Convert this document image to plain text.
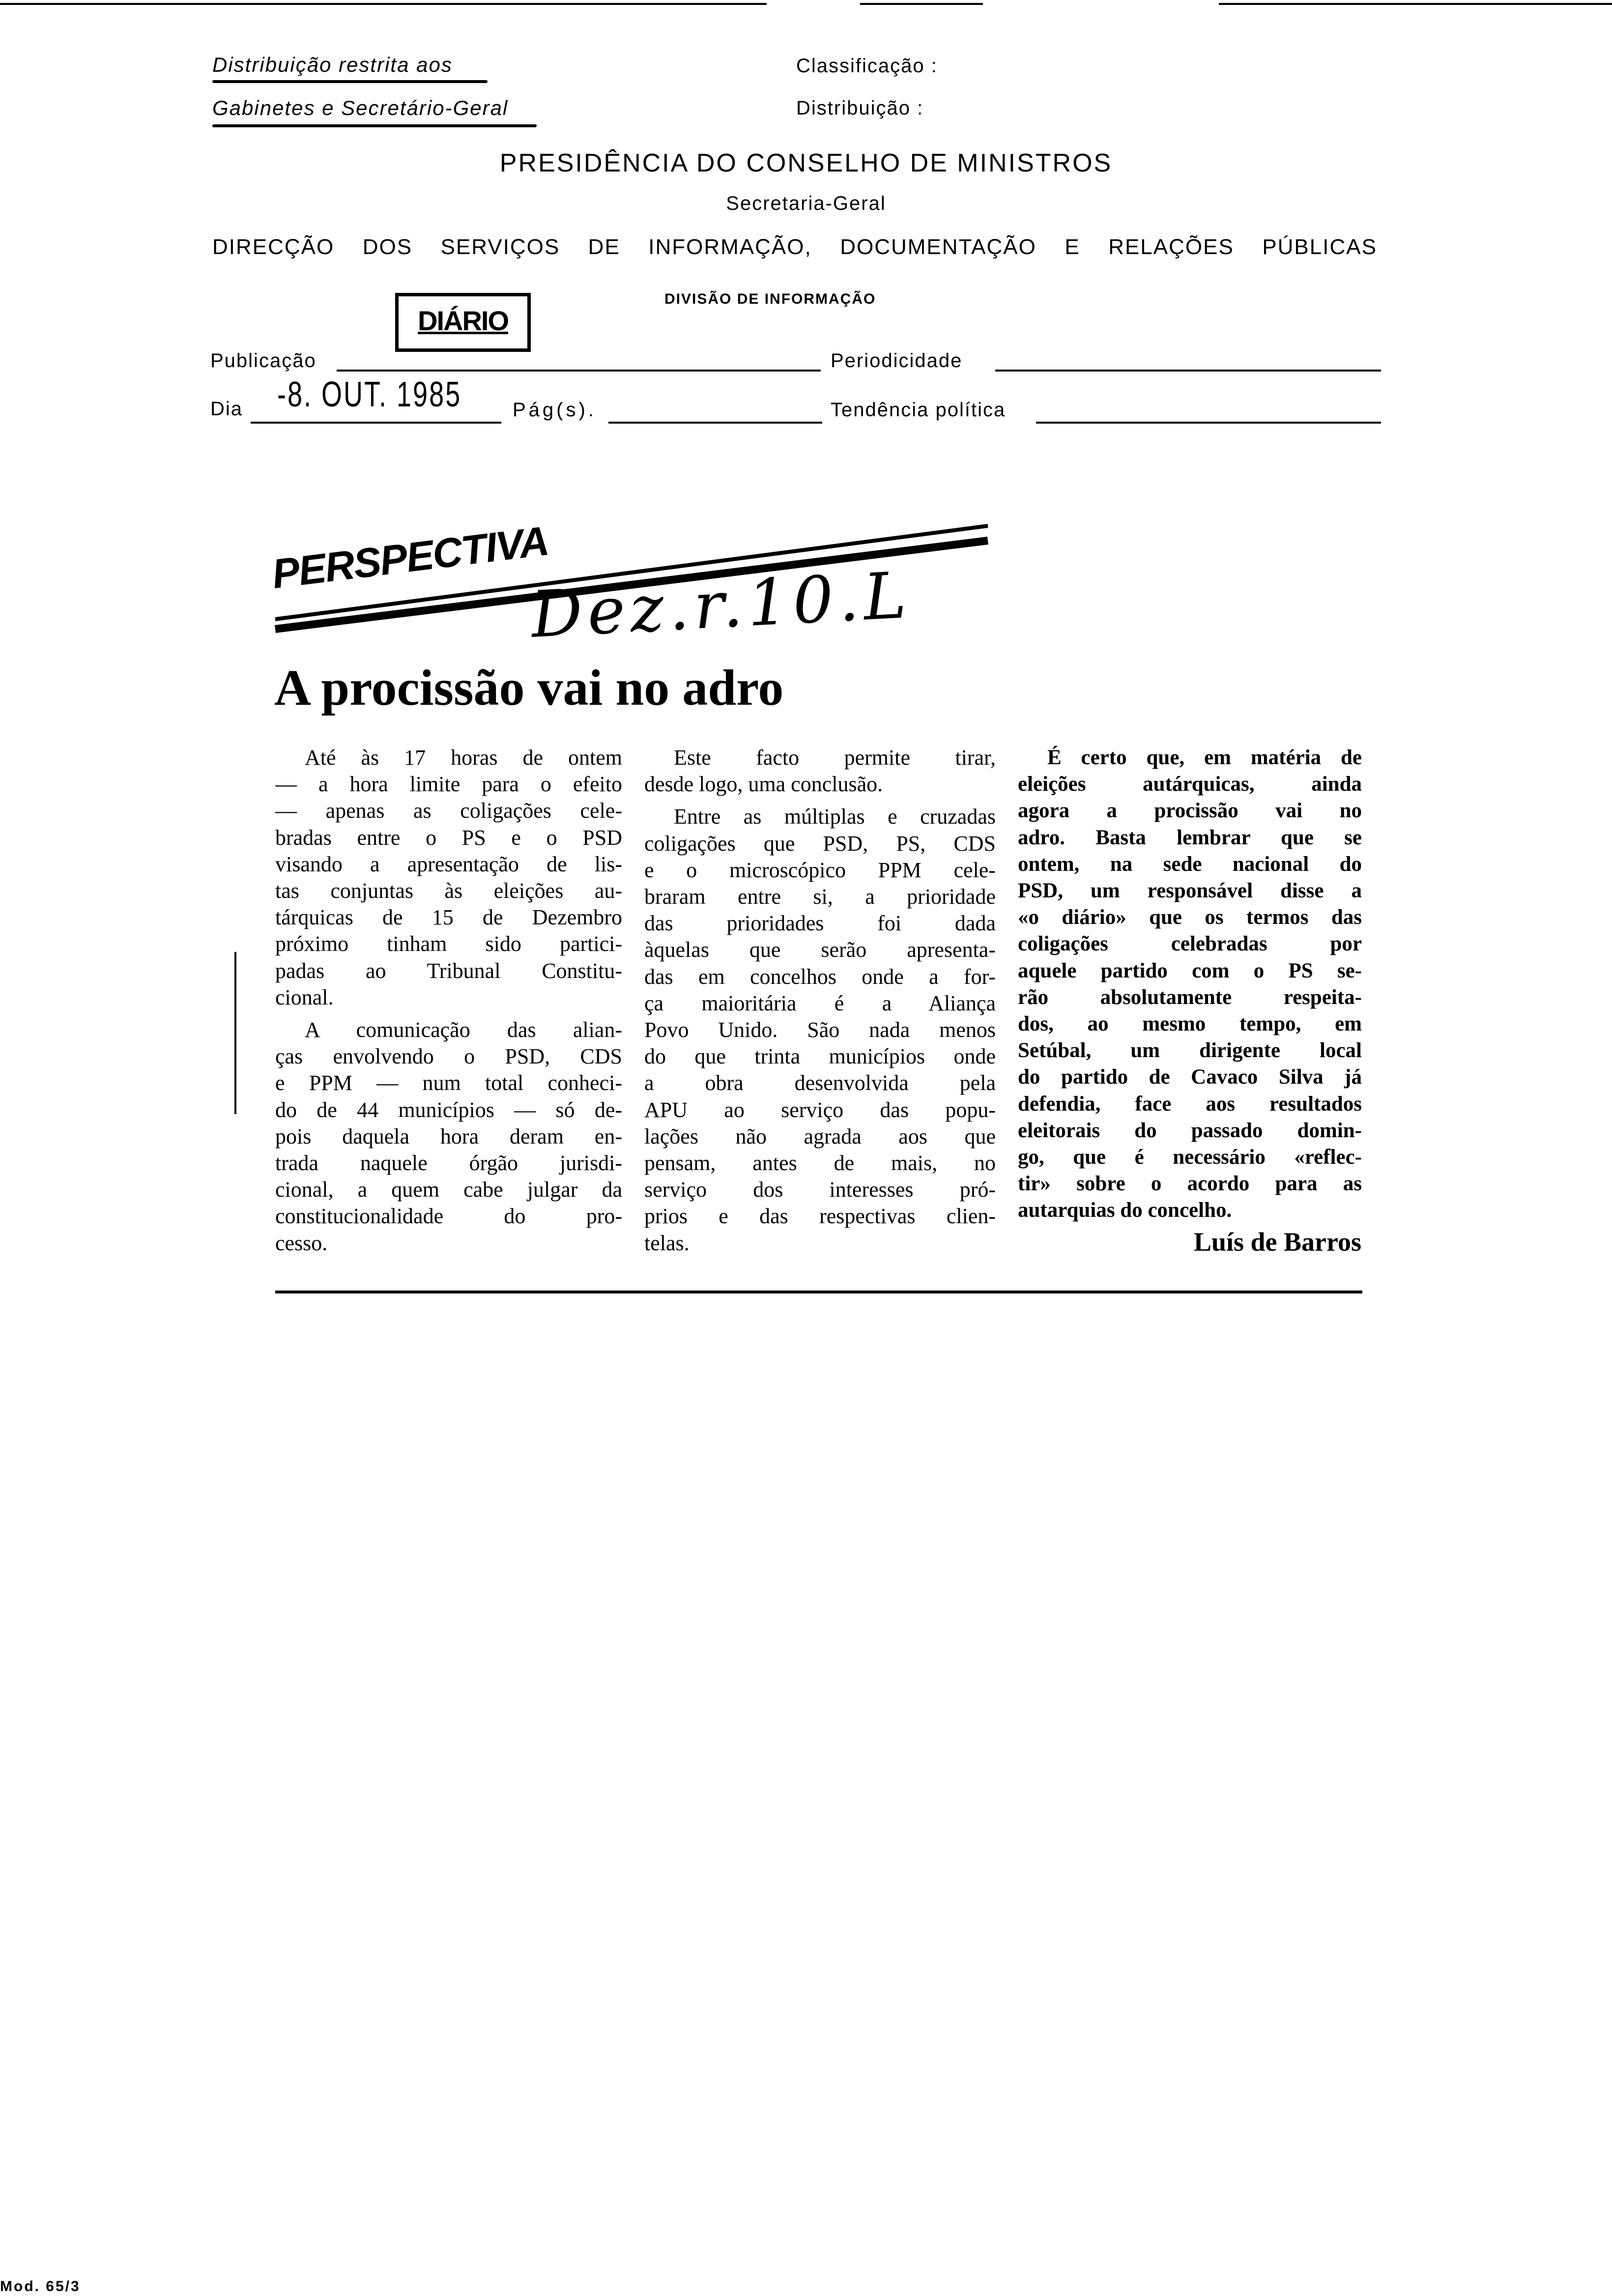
Distribuição restrita aos
Gabinetes e Secretário-Geral
Classificação :
Distribuição :
PRESIDÊNCIA DO CONSELHO DE MINISTROS
Secretaria-Geral
DIRECÇÃO DOS SERVIÇOS DE INFORMAÇÃO, DOCUMENTAÇÃO E RELAÇÕES PÚBLICAS
DIVISÃO DE INFORMAÇÃO
DIÁRIO
Publicação	Periodicidade
Dia -8. OUT. 1985	Pág(s).	Tendência política
PERSPECTIVA
Dez.r.10.L
A procissão vai no adro
Até às 17 horas de ontem
— a hora limite para o efeito
— apenas as coligações cele-
bradas entre o PS e o PSD
visando a apresentação de lis-
tas conjuntas às eleições au-
tárquicas de 15 de Dezembro
próximo tinham sido partici-
padas ao Tribunal Constitu-
cional.
A comunicação das alian-
ças envolvendo o PSD, CDS
e PPM — num total conheci-
do de 44 municípios — só de-
pois daquela hora deram en-
trada naquele órgão jurisdi-
cional, a quem cabe julgar da
constitucionalidade do pro-
cesso.
Este facto permite tirar,
desde logo, uma conclusão.
Entre as múltiplas e cruzadas
coligações que PSD, PS, CDS
e o microscópico PPM cele-
braram entre si, a prioridade
das prioridades foi dada
àquelas que serão apresenta-
das em concelhos onde a for-
ça maioritária é a Aliança
Povo Unido. São nada menos
do que trinta municípios onde
a obra desenvolvida pela
APU ao serviço das popu-
lações não agrada aos que
pensam, antes de mais, no
serviço dos interesses pró-
prios e das respectivas clien-
telas.
É certo que, em matéria de
eleições autárquicas, ainda
agora a procissão vai no
adro. Basta lembrar que se
ontem, na sede nacional do
PSD, um responsável disse a
«o diário» que os termos das
coligações celebradas por
aquele partido com o PS se-
rão absolutamente respeita-
dos, ao mesmo tempo, em
Setúbal, um dirigente local
do partido de Cavaco Silva já
defendia, face aos resultados
eleitorais do passado domin-
go, que é necessário «reflec-
tir» sobre o acordo para as
autarquias do concelho.
Luís de Barros
Mod. 65/3
